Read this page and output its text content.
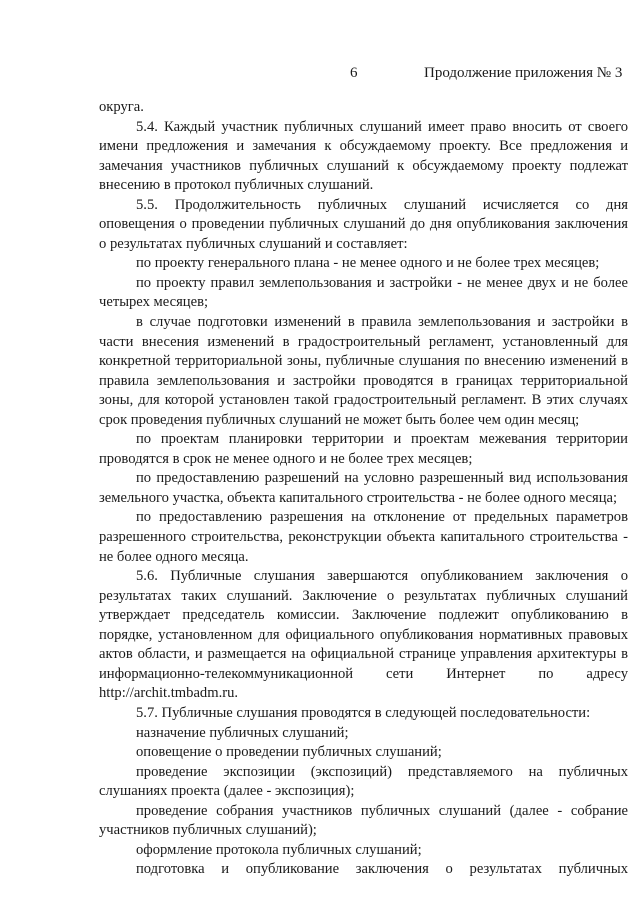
6	Продолжение приложения № 3

округа.

5.4. Каждый участник публичных слушаний имеет право вносить от своего имени предложения и замечания к обсуждаемому проекту. Все предложения и замечания участников публичных слушаний к обсуждаемому проекту подлежат внесению в протокол публичных слушаний.

5.5. Продолжительность публичных слушаний исчисляется со дня оповещения о проведении публичных слушаний до дня опубликования заключения о результатах публичных слушаний и составляет:

по проекту генерального плана - не менее одного и не более трех месяцев;

по проекту правил землепользования и застройки - не менее двух и не более четырех месяцев;

в случае подготовки изменений в правила землепользования и застройки в части внесения изменений в градостроительный регламент, установленный для конкретной территориальной зоны, публичные слушания по внесению изменений в правила землепользования и застройки проводятся в границах территориальной зоны, для которой установлен такой градостроительный регламент. В этих случаях срок проведения публичных слушаний не может быть более чем один месяц;

по проектам планировки территории и проектам межевания территории проводятся в срок не менее одного и не более трех месяцев;

по предоставлению разрешений на условно разрешенный вид использования земельного участка, объекта капитального строительства - не более одного месяца;

по предоставлению разрешения на отклонение от предельных параметров разрешенного строительства, реконструкции объекта капитального строительства - не более одного месяца.

5.6. Публичные слушания завершаются опубликованием заключения о результатах таких слушаний. Заключение о результатах публичных слушаний утверждает председатель комиссии. Заключение подлежит опубликованию в порядке, установленном для официального опубликования нормативных правовых актов области, и размещается на официальной странице управления архитектуры в информационно-телекоммуникационной сети Интернет по адресу http://archit.tmbadm.ru.

5.7. Публичные слушания проводятся в следующей последовательности:

назначение публичных слушаний;

оповещение о проведении публичных слушаний;

проведение экспозиции (экспозиций) представляемого на публичных слушаниях проекта (далее - экспозиция);

проведение собрания участников публичных слушаний (далее - собрание участников публичных слушаний);

оформление протокола публичных слушаний;

подготовка и опубликование заключения о результатах публичных
